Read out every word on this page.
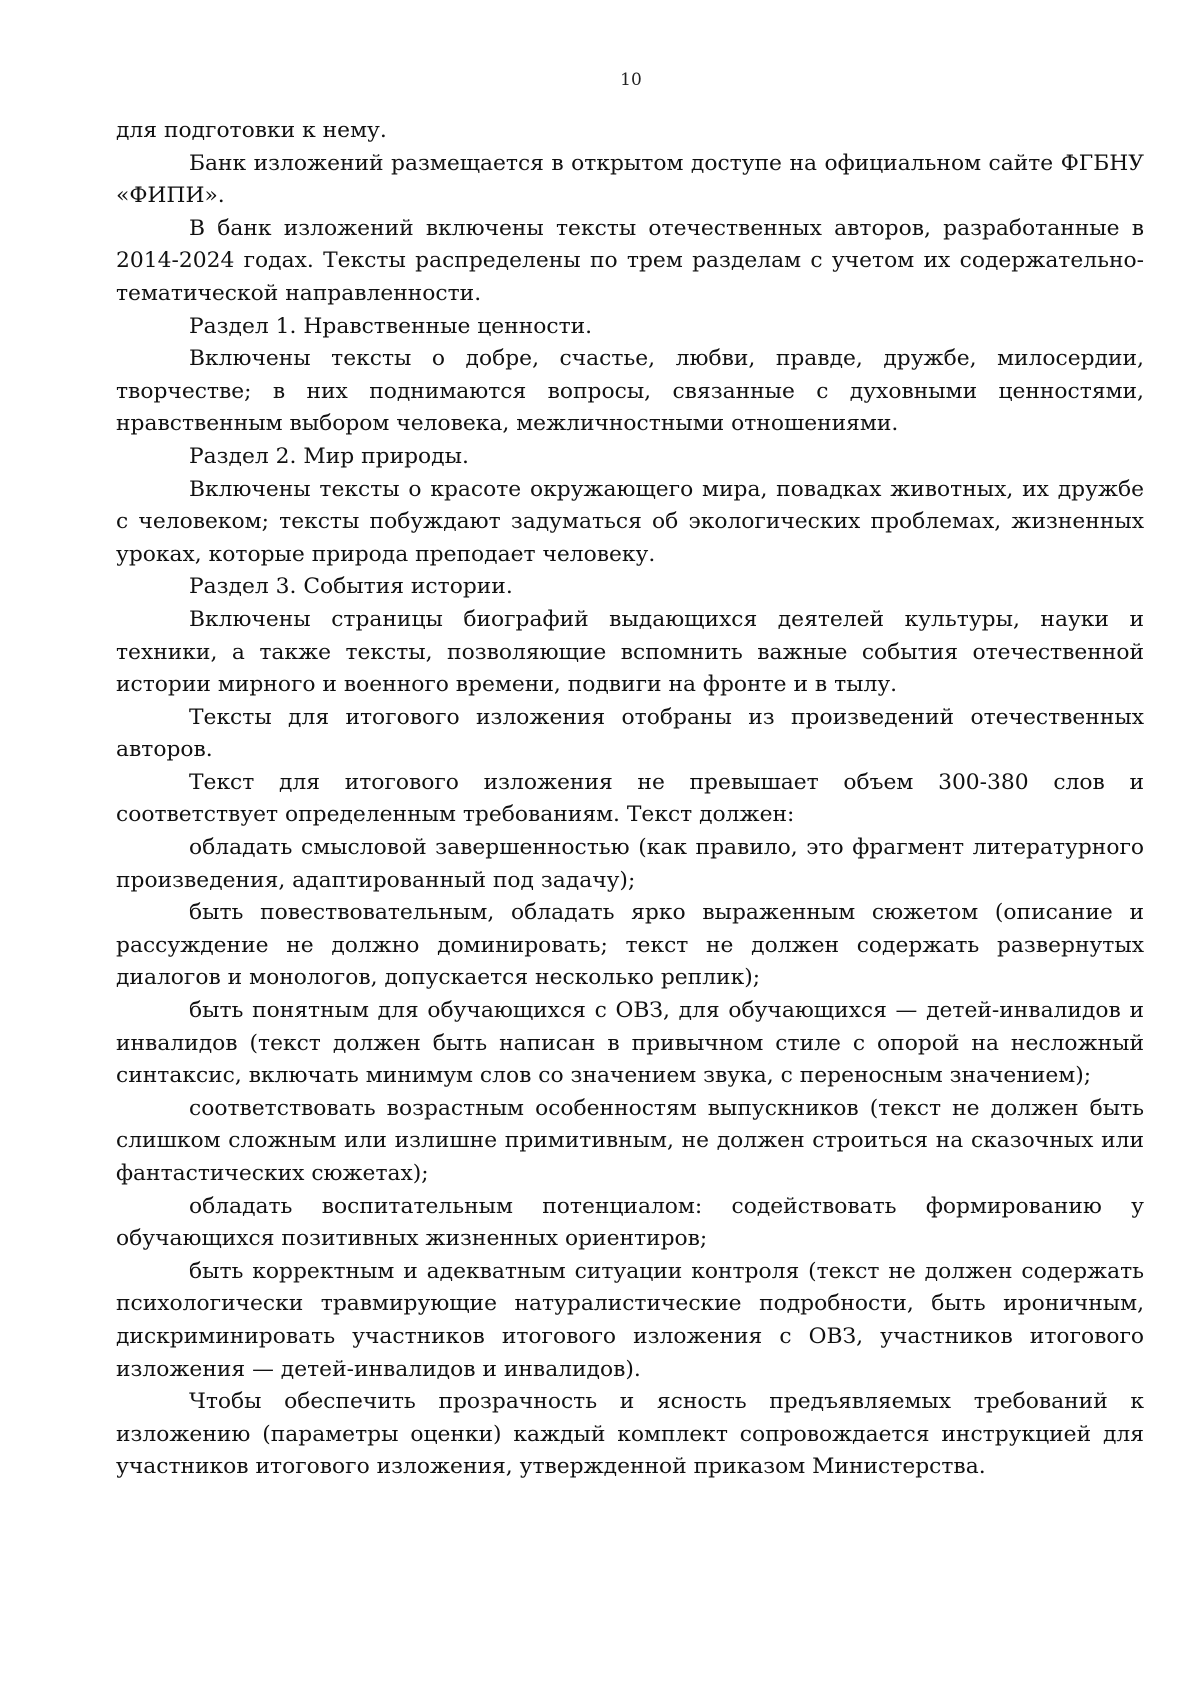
10

для подготовки к нему.

Банк изложений размещается в открытом доступе на официальном сайте ФГБНУ «ФИПИ».

В банк изложений включены тексты отечественных авторов, разработанные в 2014-2024 годах. Тексты распределены по трем разделам с учетом их содержательно-тематической направленности.

Раздел 1. Нравственные ценности.

Включены тексты о добре, счастье, любви, правде, дружбе, милосердии, творчестве; в них поднимаются вопросы, связанные с духовными ценностями, нравственным выбором человека, межличностными отношениями.

Раздел 2. Мир природы.

Включены тексты о красоте окружающего мира, повадках животных, их дружбе с человеком; тексты побуждают задуматься об экологических проблемах, жизненных уроках, которые природа преподает человеку.

Раздел 3. События истории.

Включены страницы биографий выдающихся деятелей культуры, науки и техники, а также тексты, позволяющие вспомнить важные события отечественной истории мирного и военного времени, подвиги на фронте и в тылу.

Тексты для итогового изложения отобраны из произведений отечественных авторов.

Текст для итогового изложения не превышает объем 300-380 слов и соответствует определенным требованиям. Текст должен:

обладать смысловой завершенностью (как правило, это фрагмент литературного произведения, адаптированный под задачу);

быть повествовательным, обладать ярко выраженным сюжетом (описание и рассуждение не должно доминировать; текст не должен содержать развернутых диалогов и монологов, допускается несколько реплик);

быть понятным для обучающихся с ОВЗ, для обучающихся — детей-инвалидов и инвалидов (текст должен быть написан в привычном стиле с опорой на несложный синтаксис, включать минимум слов со значением звука, с переносным значением);

соответствовать возрастным особенностям выпускников (текст не должен быть слишком сложным или излишне примитивным, не должен строиться на сказочных или фантастических сюжетах);

обладать воспитательным потенциалом: содействовать формированию у обучающихся позитивных жизненных ориентиров;

быть корректным и адекватным ситуации контроля (текст не должен содержать психологически травмирующие натуралистические подробности, быть ироничным, дискриминировать участников итогового изложения с ОВЗ, участников итогового изложения — детей-инвалидов и инвалидов).

Чтобы обеспечить прозрачность и ясность предъявляемых требований к изложению (параметры оценки) каждый комплект сопровождается инструкцией для участников итогового изложения, утвержденной приказом Министерства.
